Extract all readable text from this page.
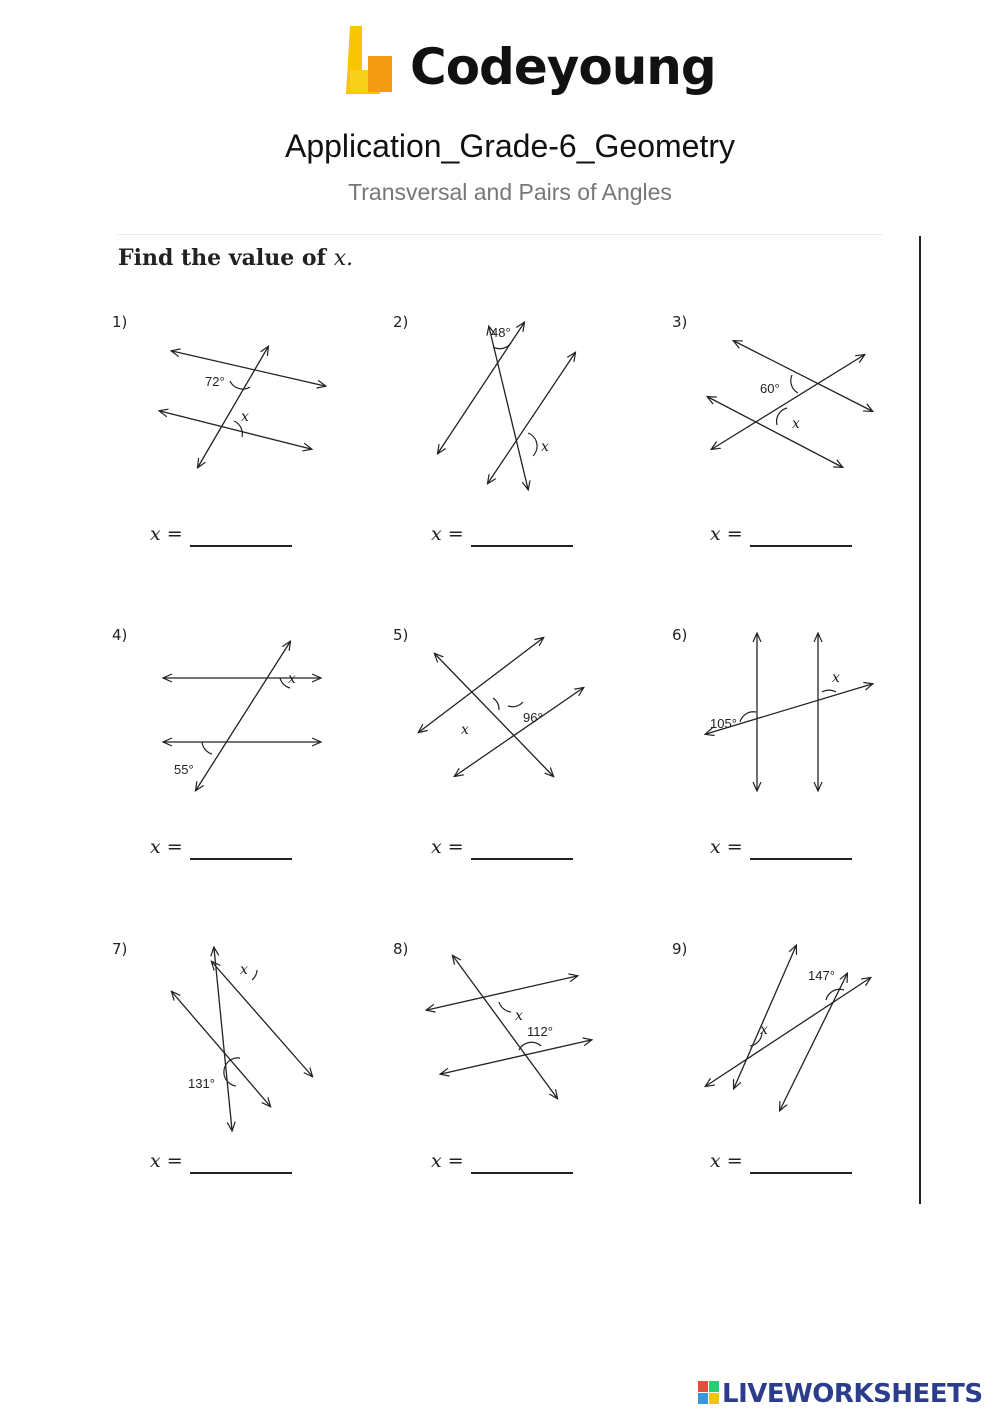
Codeyoung
Application_Grade-6_Geometry
Transversal and Pairs of Angles
Find the value of x.
1)
72°
x
x =
2)
48°
x
x =
3)
60°
x
x =
4)
x
55°
x =
5)
96°
x
x =
6)
105°
x
x =
7)
x
131°
x =
8)
x
112°
x =
9)
147°
x
x =
LIVEWORKSHEETS
